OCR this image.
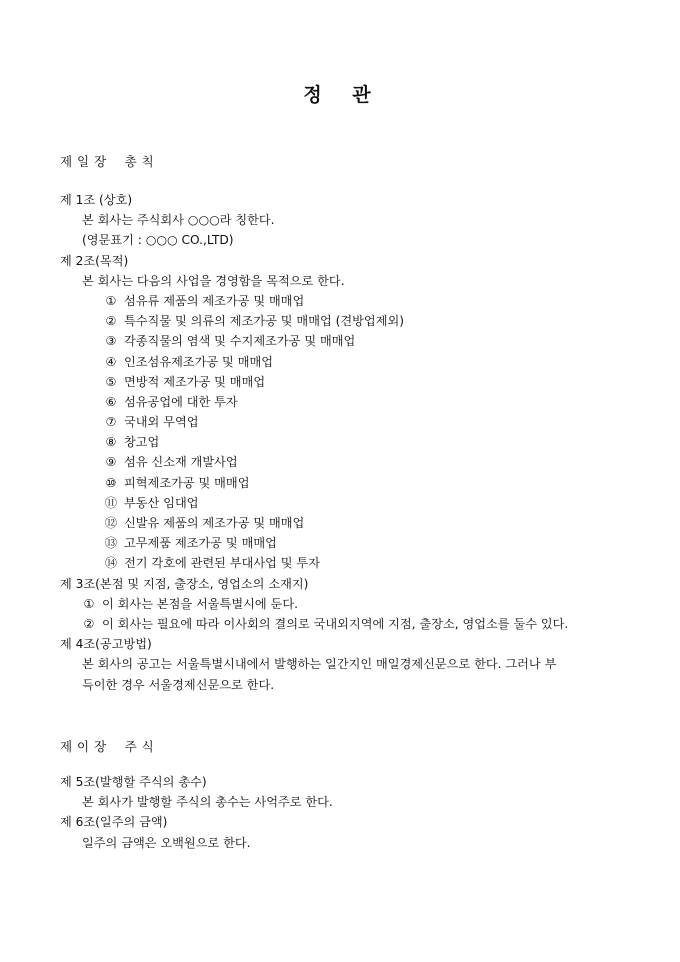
정 관
제 일 장    총 칙
제 1조 (상호)
본 회사는 주식회사 ○○○라 칭한다.
(영문표기 : ○○○ CO.,LTD)
제 2조(목적)
본 회사는 다음의 사업을 경영함을 목적으로 한다.
① 섬유류 제품의 제조가공 및 매매업
② 특수직물 및 의류의 제조가공 및 매매업 (견방업제외)
③ 각종직물의 염색 및 수지제조가공 및 매매업
④ 인조섬유제조가공 및 매매업
⑤ 면방적 제조가공 및 매매업
⑥ 섬유공업에 대한 투자
⑦ 국내외 무역업
⑧ 창고업
⑨ 섬유 신소재 개발사업
⑩ 피혁제조가공 및 매매업
⑪ 부동산 임대업
⑫ 신발유 제품의 제조가공 및 매매업
⑬ 고무제품 제조가공 및 매매업
⑭ 전기 각호에 관련된 부대사업 및 투자
제 3조(본점 및 지점, 출장소, 영업소의 소재지)
① 이 회사는 본점을 서울특별시에 둔다.
② 이 회사는 필요에 따라 이사회의 결의로 국내외지역에 지점, 출장소, 영업소를 둘수 있다.
제 4조(공고방법)
본 회사의 공고는 서울특별시내에서 발행하는 일간지인 매일경제신문으로 한다. 그러나 부
득이한 경우 서울경제신문으로 한다.
제 이 장    주 식
제 5조(발행할 주식의 총수)
본 회사가 발행할 주식의 총수는 사억주로 한다.
제 6조(일주의 금액)
일주의 금액은 오백원으로 한다.
